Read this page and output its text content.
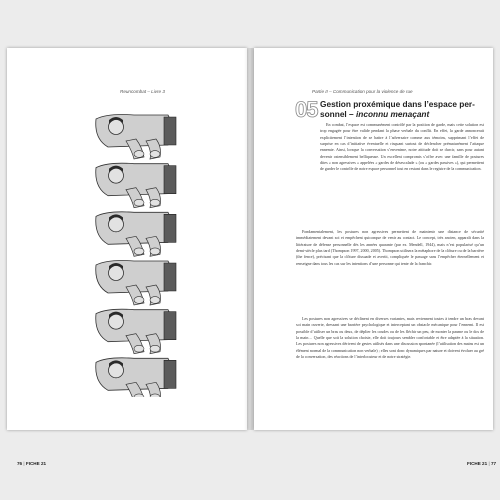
Reuncombat – Livre 3
76 | FICHE 21
Partie II – Communication pour la violence de rue
05 Gestion proxémique dans l’espace per-
sonnel – inconnu menaçant

En combat, l’espace est communément contrôlé par la position de garde, mais cette solution est trop engagée pour être valide pendant la phase verbale du conflit. En effet, la garde annoncerait explicitement l’intention de se battre à l’adversaire comme aux témoins, supprimant l’effet de surprise en cas d’initiative éventuelle et risquant surtout de déclencher prématurément l’attaque ennemie. Ainsi, lorsque la conversation s’envenime, notre attitude doit se durcir, sans pour autant devenir ostensiblement belliqueuse. Un excellent compromis s’offre avec une famille de postures dites « non agressives » appelées « gardes de désescalade » (ou « gardes passives »), qui permettent de garder le contrôle de notre espace personnel tout en restant dans le registre de la communication.

Fondamentalement, les postures non agressives permettent de maintenir une distance de sécurité immédiatement devant soi et empêchent quiconque de venir au contact. Le concept, très ancien, apparaît dans la littérature de défense personnelle dès les années quarante (par ex. Mendell, 1944), mais n’est popularisé qu’un demi-siècle plus tard (Thompson 1997, 2000, 2005). Thompson utilisera la métaphore de la clôture ou de la barrière (the fence), précisant que la clôture dissuade et avertit, compliquée le passage sans l’empêcher éternellement et renseigne dans tous les cas sur les intentions d’une personne qui tente de la franchir.

Les postures non agressives se déclinent en diverses variantes, mais reviennent toutes à tendre un bras devant soi main ouverte, dressant une barrière psychologique et interceptant un obstacle mécanique pour l’ennemi. Il est possible d’utiliser un bras ou deux, de déplier les coudes ou de les fléchir un peu, de monter la paume ou le dos de la main… Quelle que soit la solution choisie, elle doit toujours sembler confortable et être adaptée à la situation. Les postures non agressives dérivent de gestes utilisés dans une discussion spontanée (l’utilisation des mains est un élément normal de la communication non verbale) ; elles sont donc dynamiques par nature et doivent évoluer au gré de la conversation, des réactions de l’interlocuteur et de notre stratégie.

FICHE 21 | 77
